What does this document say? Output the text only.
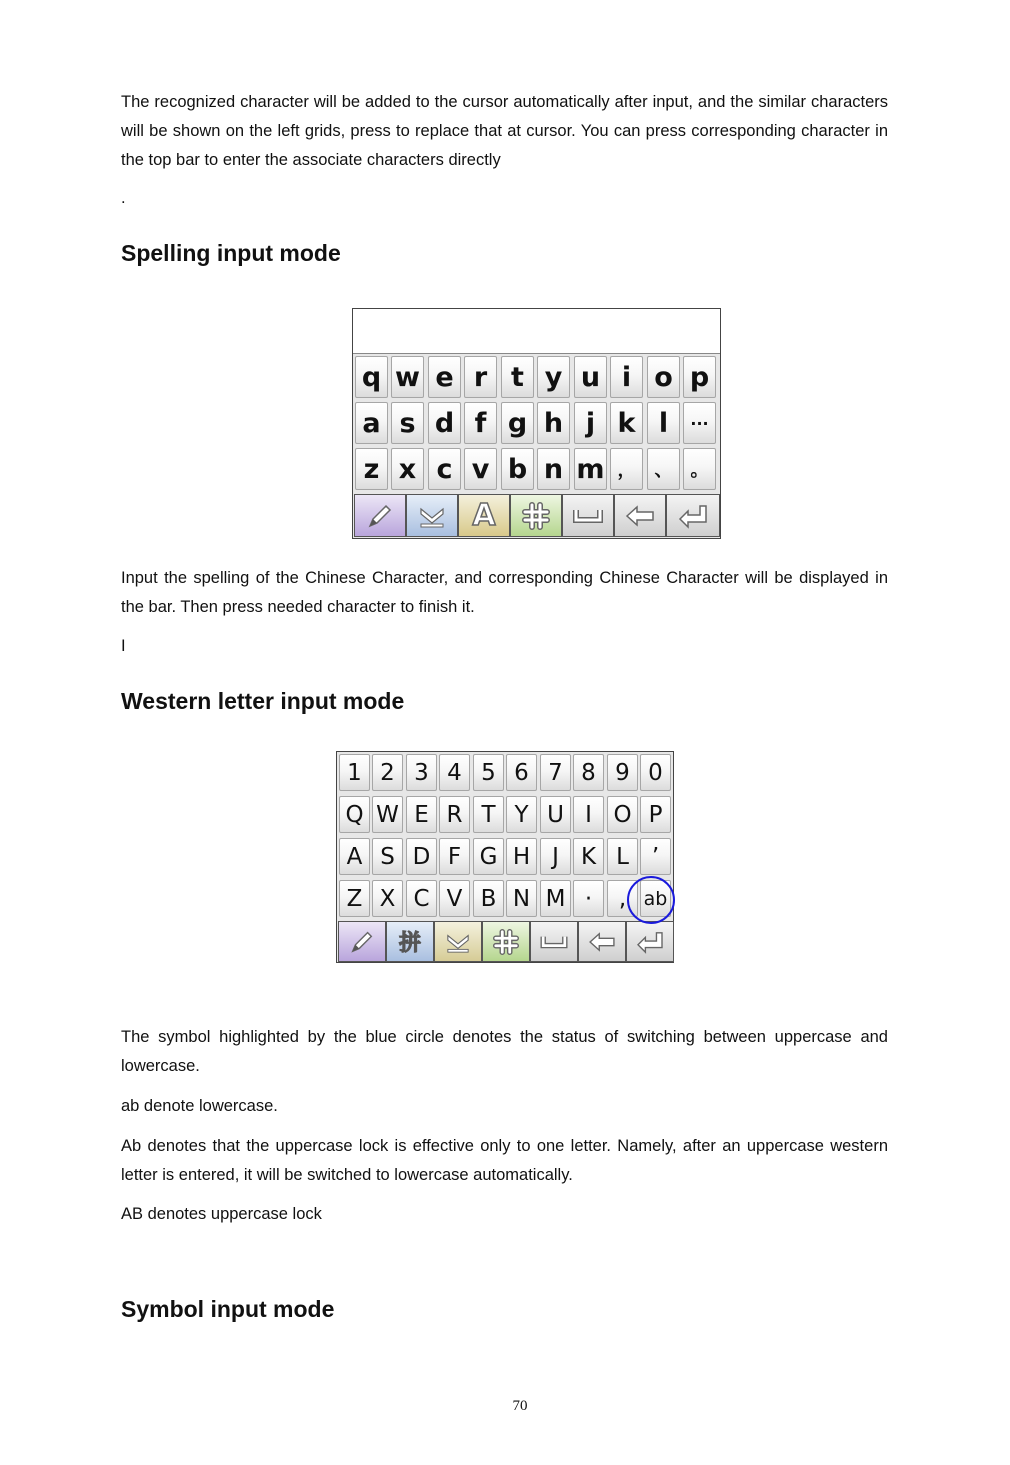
The recognized character will be added to the cursor automatically after input, and the similar characters will be shown on the left grids, press to replace that at cursor. You can press corresponding character in the top bar to enter the associate characters directly

.

Spelling input mode
q w e r t y u i o p
a s d f g h j k l	···
z x c v b n m ，	、	。
A

Input the spelling of the Chinese Character, and corresponding Chinese Character will be displayed in the bar. Then press needed character to finish it.

I

Western letter input mode
1 2 3 4 5 6 7 8 9 0
Q W E R T Y U I O P
A S D F G H J K L ’
Z X C V B N M ·	, ab
拼

The symbol highlighted by the blue circle denotes the status of switching between uppercase and lowercase.

ab denote lowercase.

Ab denotes that the uppercase lock is effective only to one letter. Namely, after an uppercase western letter is entered, it will be switched to lowercase automatically.

AB denotes uppercase lock

Symbol input mode
70
